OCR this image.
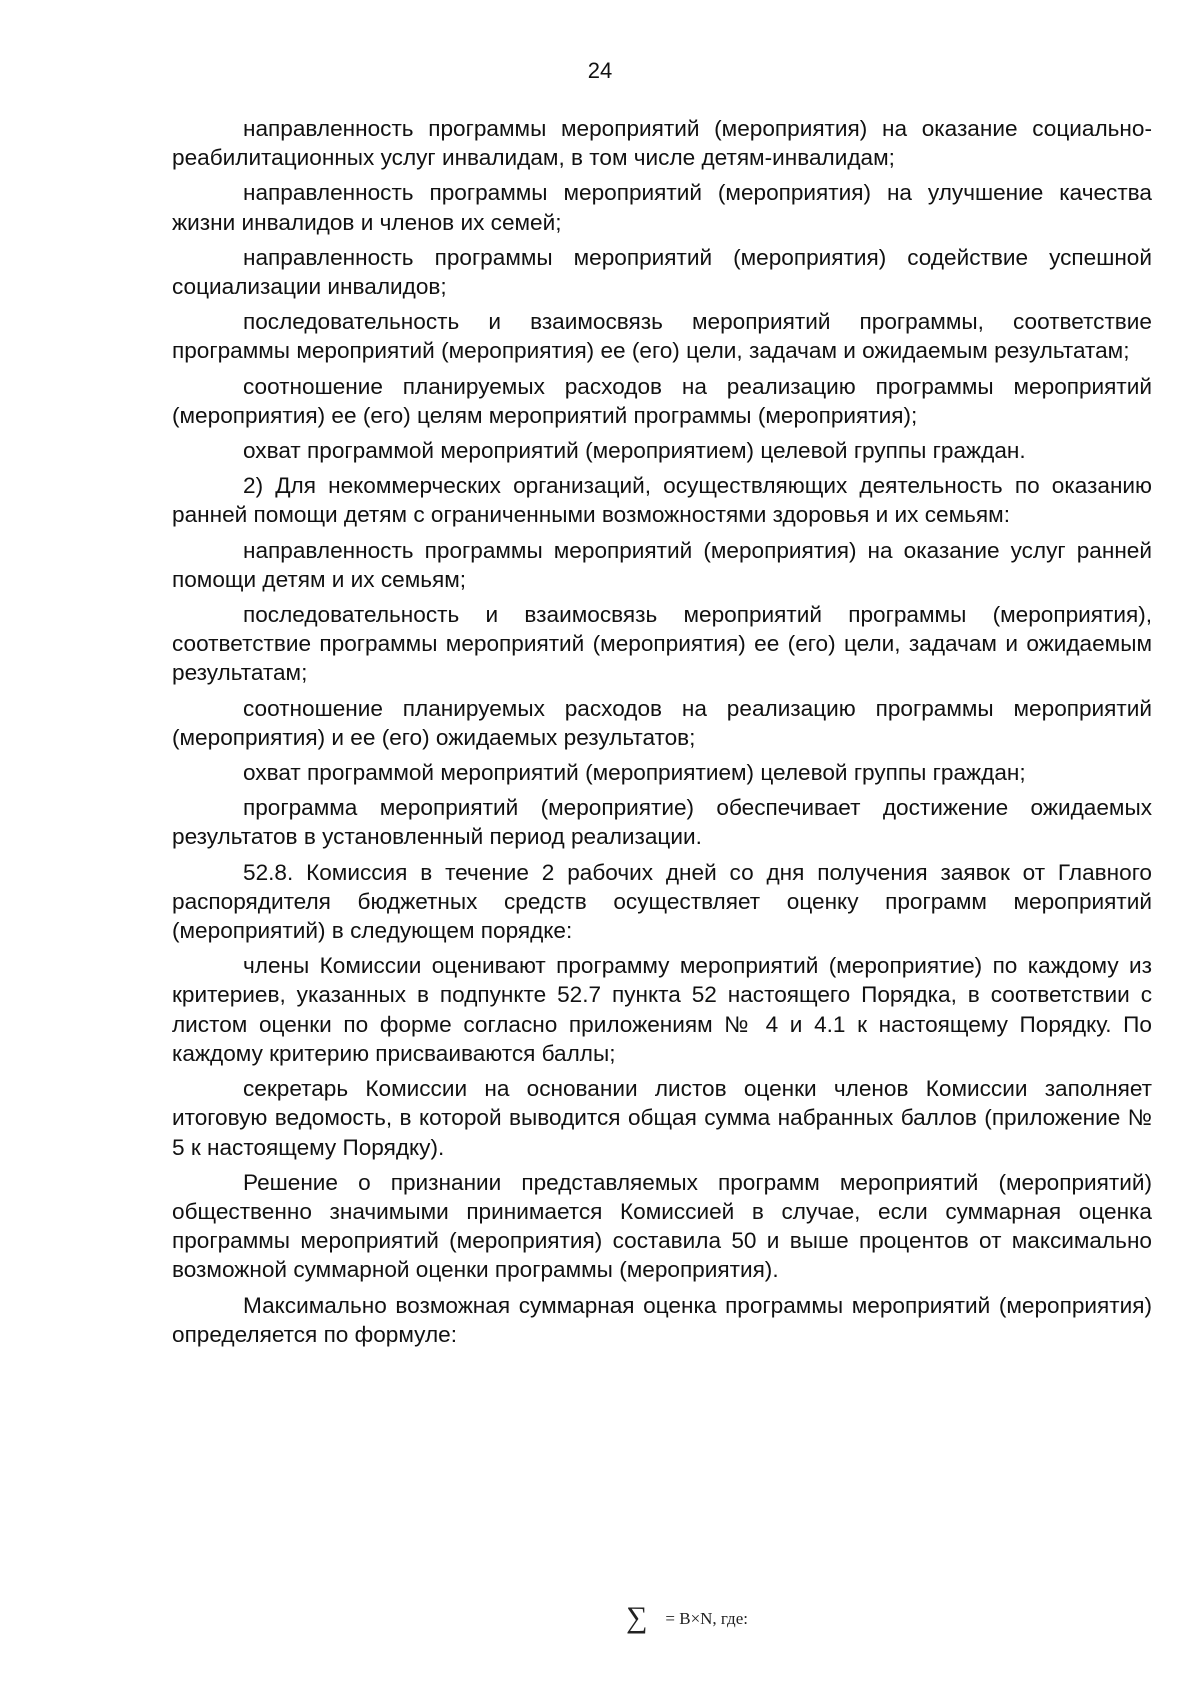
24

направленность программы мероприятий (мероприятия) на оказание социально-реабилитационных услуг инвалидам, в том числе детям-инвалидам;

направленность программы мероприятий (мероприятия) на улучшение качества жизни инвалидов и членов их семей;

направленность программы мероприятий (мероприятия) содействие успешной социализации инвалидов;

последовательность и взаимосвязь мероприятий программы, соответствие программы мероприятий (мероприятия) ее (его) цели, задачам и ожидаемым результатам;

соотношение планируемых расходов на реализацию программы мероприятий (мероприятия) ее (его) целям мероприятий программы (мероприятия);

охват программой мероприятий (мероприятием) целевой группы граждан.

2) Для некоммерческих организаций, осуществляющих деятельность по оказанию ранней помощи детям с ограниченными возможностями здоровья и их семьям:

направленность программы мероприятий (мероприятия) на оказание услуг ранней помощи детям и их семьям;

последовательность и взаимосвязь мероприятий программы (мероприятия), соответствие программы мероприятий (мероприятия) ее (его) цели, задачам и ожидаемым результатам;

соотношение планируемых расходов на реализацию программы мероприятий (мероприятия) и ее (его) ожидаемых результатов;

охват программой мероприятий (мероприятием) целевой группы граждан;

программа мероприятий (мероприятие) обеспечивает достижение ожидаемых результатов в установленный период реализации.

52.8. Комиссия в течение 2 рабочих дней со дня получения заявок от Главного распорядителя бюджетных средств осуществляет оценку программ мероприятий (мероприятий) в следующем порядке:

члены Комиссии оценивают программу мероприятий (мероприятие) по каждому из критериев, указанных в подпункте 52.7 пункта 52 настоящего Порядка, в соответствии с листом оценки по форме согласно приложениям № 4 и 4.1 к настоящему Порядку. По каждому критерию присваиваются баллы;

секретарь Комиссии на основании листов оценки членов Комиссии заполняет итоговую ведомость, в которой выводится общая сумма набранных баллов (приложение № 5 к настоящему Порядку).

Решение о признании представляемых программ мероприятий (мероприятий) общественно значимыми принимается Комиссией в случае, если суммарная оценка программы мероприятий (мероприятия) составила 50 и выше процентов от максимально возможной суммарной оценки программы (мероприятия).

Максимально возможная суммарная оценка программы мероприятий (мероприятия) определяется по формуле:

∑ = B×N, где:
